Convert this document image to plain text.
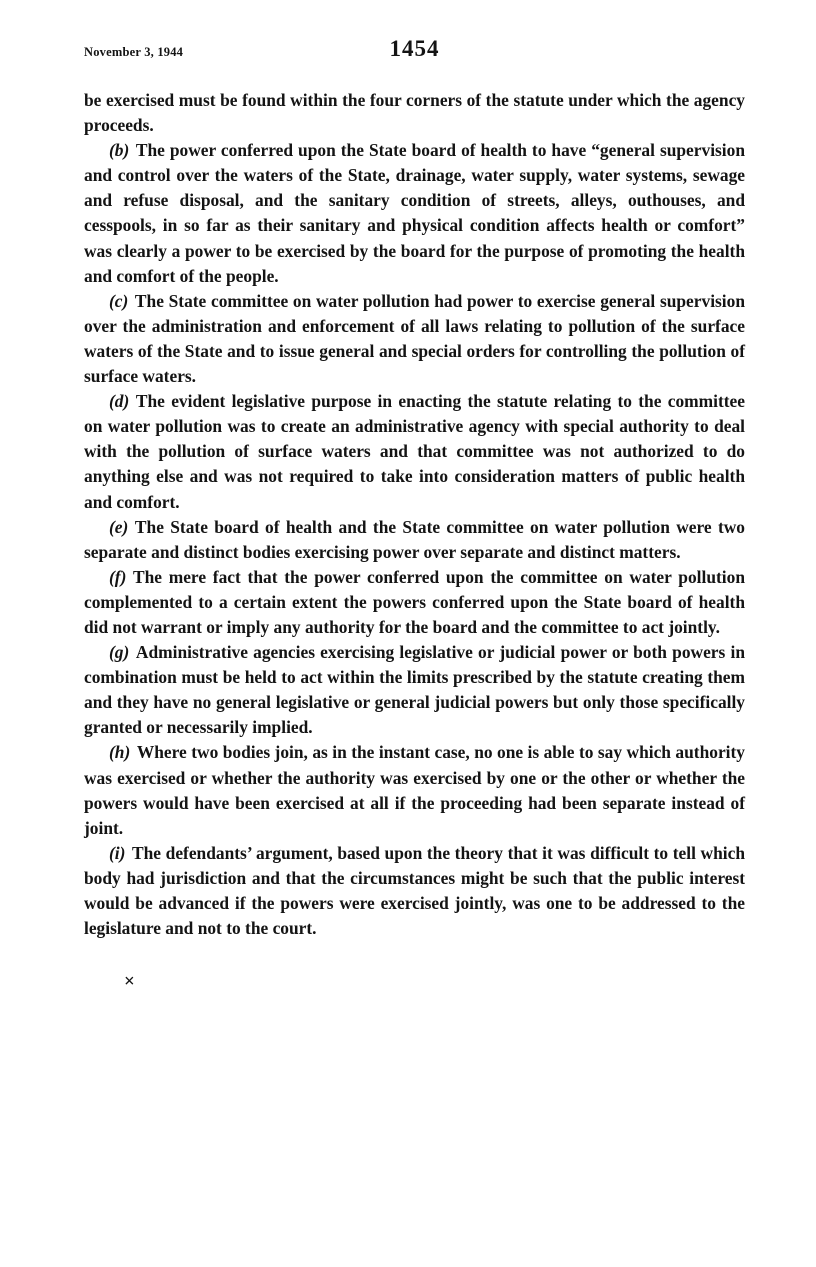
November 3, 1944	1454

be exercised must be found within the four corners of the statute under which the agency proceeds.

(b) The power conferred upon the State board of health to have “general supervision and control over the waters of the State, drainage, water supply, water systems, sewage and refuse disposal, and the sanitary condition of streets, alleys, outhouses, and cesspools, in so far as their sanitary and physical condition affects health or comfort” was clearly a power to be exercised by the board for the purpose of promoting the health and comfort of the people.

(c) The State committee on water pollution had power to exercise general supervision over the administration and enforcement of all laws relating to pollution of the surface waters of the State and to issue general and special orders for controlling the pollution of surface waters.

(d) The evident legislative purpose in enacting the statute relating to the committee on water pollution was to create an administrative agency with special authority to deal with the pollution of surface waters and that committee was not authorized to do anything else and was not required to take into consideration matters of public health and comfort.

(e) The State board of health and the State committee on water pollution were two separate and distinct bodies exercising power over separate and distinct matters.

(f) The mere fact that the power conferred upon the committee on water pollution complemented to a certain extent the powers conferred upon the State board of health did not warrant or imply any authority for the board and the committee to act jointly.

(g) Administrative agencies exercising legislative or judicial power or both powers in combination must be held to act within the limits prescribed by the statute creating them and they have no general legislative or general judicial powers but only those specifically granted or necessarily implied.

(h) Where two bodies join, as in the instant case, no one is able to say which authority was exercised or whether the authority was exercised by one or the other or whether the powers would have been exercised at all if the proceeding had been separate instead of joint.

(i) The defendants’ argument, based upon the theory that it was difficult to tell which body had jurisdiction and that the circumstances might be such that the public interest would be advanced if the powers were exercised jointly, was one to be addressed to the legislature and not to the court.

×
